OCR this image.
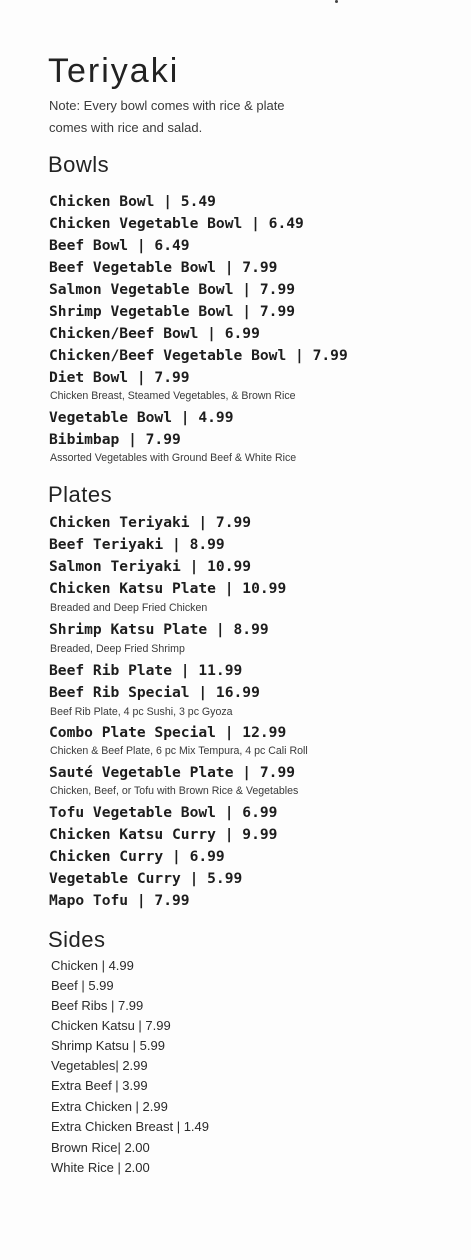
Teriyaki
Note: Every bowl comes with rice & plate
comes with rice and salad.
Bowls
Chicken Bowl | 5.49
Chicken Vegetable Bowl | 6.49
Beef Bowl | 6.49
Beef Vegetable Bowl | 7.99
Salmon Vegetable Bowl | 7.99
Shrimp Vegetable Bowl | 7.99
Chicken/Beef Bowl | 6.99
Chicken/Beef Vegetable Bowl | 7.99
Diet Bowl | 7.99
Chicken Breast, Steamed Vegetables, & Brown Rice
Vegetable Bowl | 4.99
Bibimbap | 7.99
Assorted Vegetables with Ground Beef & White Rice
Plates
Chicken Teriyaki | 7.99
Beef Teriyaki | 8.99
Salmon Teriyaki | 10.99
Chicken Katsu Plate | 10.99
Breaded and Deep Fried Chicken
Shrimp Katsu Plate | 8.99
Breaded, Deep Fried Shrimp
Beef Rib Plate | 11.99
Beef Rib Special | 16.99
Beef Rib Plate, 4 pc Sushi, 3 pc Gyoza
Combo Plate Special | 12.99
Chicken & Beef Plate, 6 pc Mix Tempura, 4 pc Cali Roll
Sauté Vegetable Plate | 7.99
Chicken, Beef, or Tofu with Brown Rice & Vegetables
Tofu Vegetable Bowl | 6.99
Chicken Katsu Curry | 9.99
Chicken Curry | 6.99
Vegetable Curry | 5.99
Mapo Tofu | 7.99
Sides
Chicken | 4.99
Beef | 5.99
Beef Ribs | 7.99
Chicken Katsu | 7.99
Shrimp Katsu | 5.99
Vegetables| 2.99
Extra Beef | 3.99
Extra Chicken | 2.99
Extra Chicken Breast | 1.49
Brown Rice| 2.00
White Rice | 2.00
